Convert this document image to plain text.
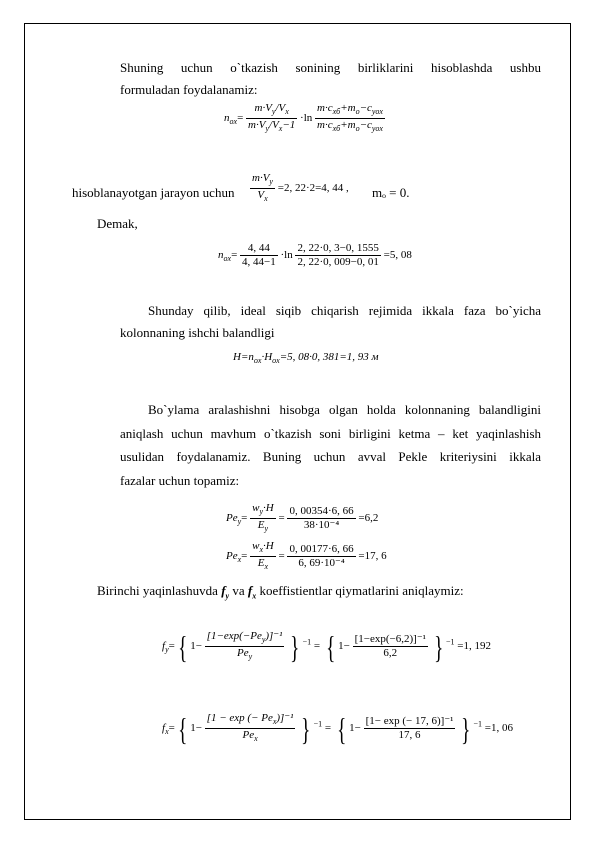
Shuning uchun o`tkazish sonining birliklarini hisoblashda ushbu
formuladan foydalanamiz:
$n_{ox}= \frac{m\cdot V_y/V_x}{m\cdot V_y/V_x-1} \cdot\ln \frac{m\cdot c_{xб}+m_o-c_{yox}}{m\cdot c_{xб}+m_o-c_{yox}}$
hisoblanayotgan jarayon uchun $\frac{m\cdot V_y}{V_x} =2$, 22·2=4, 44 , mₒ = 0.
Demak,
$n_{ox}= \frac{4, 44}{4, 44-1} \cdot\ln \frac{2, 22\cdot 0, 3-0, 1555}{2, 22\cdot 0, 009-0, 01} =5$, 08
Shunday qilib, ideal siqib chiqarish rejimida ikkala faza bo`yicha
kolonnaning ishchi balandligi
$H=n_{ox}\cdot H_{ox}=5$, 08·0, 381=1, 93 м
Bo`ylama aralashishni hisobga olgan holda kolonnaning balandligini
aniqlash uchun mavhum o`tkazish soni birligini ketma – ket yaqinlashish
usulidan foydalanamiz. Buning uchun avval Pekle kriteriysini ikkala
fazalar uchun topamiz:
$Pe_y= \frac{w_y\cdot H}{E_y} = \frac{0, 00354\cdot 6, 66}{\text{38·10⁻⁴}} =6,2$
$Pe_x= \frac{w_x\cdot H}{E_x} = \frac{0, 00177\cdot 6, 66}{\text{6, 69·10⁻⁴}} =17$, 6
Birinchi yaqinlashuvda $f_y$ va $f_x$ koeffistientlar qiymatlarini aniqlaymiz:
$f_y=${ $1- \frac{[1-\exp(-Pe_y)]^{-1}}{Pe_y}$ } $^{-1}$ = { $1- \frac{\text{[1−exp(−6,2)]⁻¹}}{6,2}$ } $^{-1}$ =1, 192
$f_x=${ $1- \frac{[1 - \exp (- Pe_x)]^{-1}}{Pe_x}$ } $^{-1}$ = { $1- \frac{\text{[1− exp (− 17, 6)]⁻¹}}{17, 6}$ } $^{-1}$ =1, 06
